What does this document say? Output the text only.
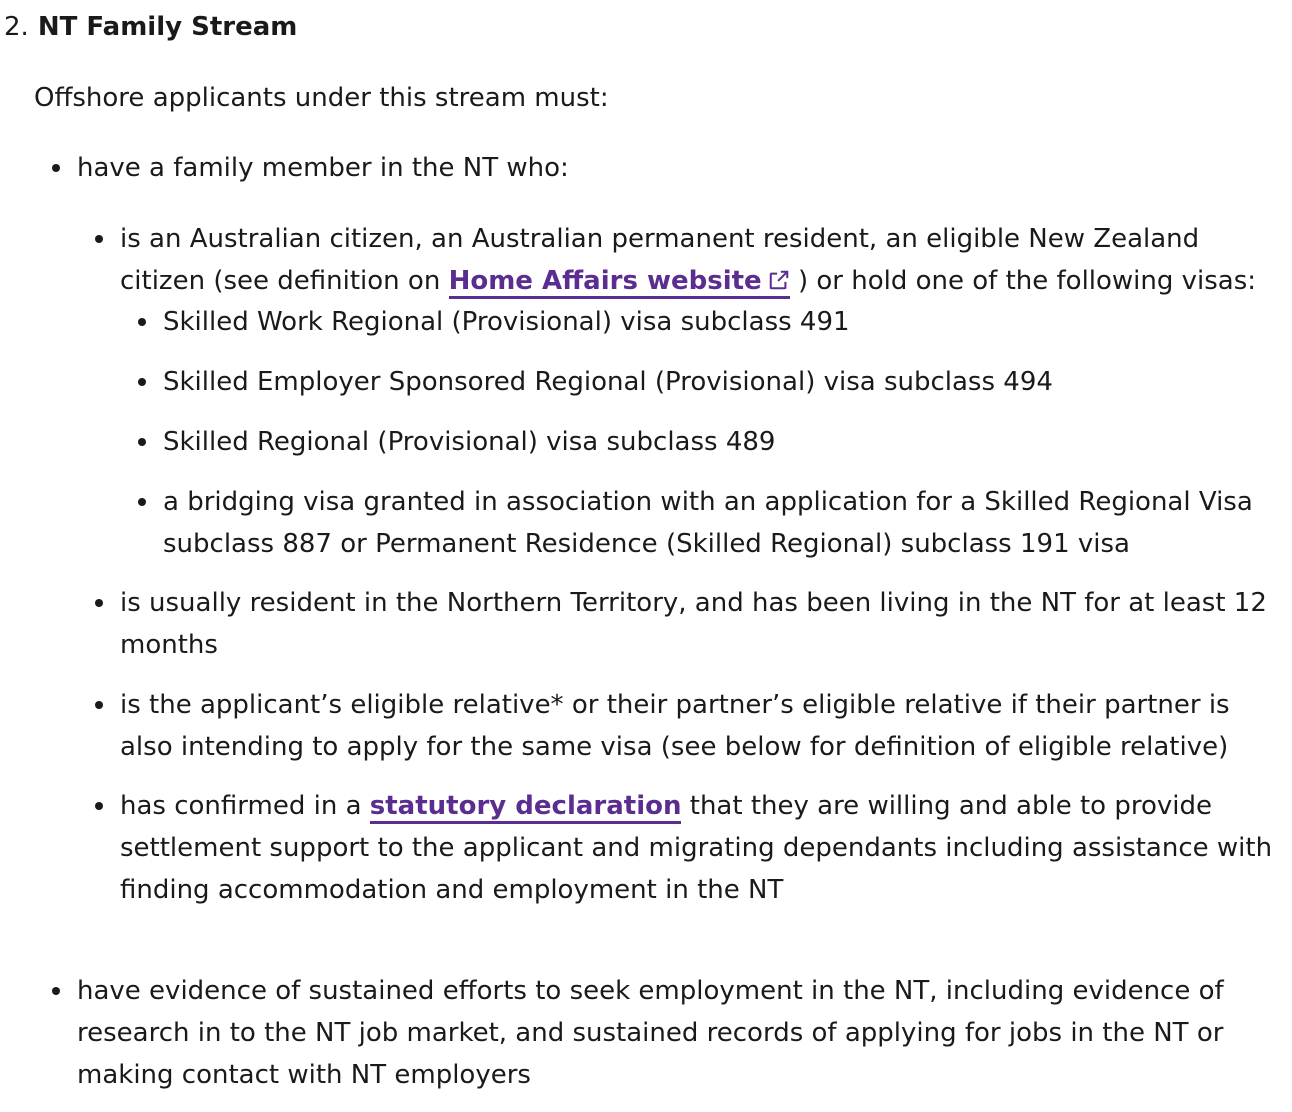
2. NT Family Stream

Offshore applicants under this stream must:

have a family member in the NT who:
is an Australian citizen, an Australian permanent resident, an eligible New Zealand citizen (see definition on Home Affairs website ) or hold one of the following visas:
Skilled Work Regional (Provisional) visa subclass 491
Skilled Employer Sponsored Regional (Provisional) visa subclass 494
Skilled Regional (Provisional) visa subclass 489
a bridging visa granted in association with an application for a Skilled Regional Visa subclass 887 or Permanent Residence (Skilled Regional) subclass 191 visa
is usually resident in the Northern Territory, and has been living in the NT for at least 12 months
is the applicant’s eligible relative* or their partner’s eligible relative if their partner is also intending to apply for the same visa (see below for definition of eligible relative)
has confirmed in a statutory declaration that they are willing and able to provide settlement support to the applicant and migrating dependants including assistance with finding accommodation and employment in the NT
have evidence of sustained efforts to seek employment in the NT, including evidence of research in to the NT job market, and sustained records of applying for jobs in the NT or making contact with NT employers
